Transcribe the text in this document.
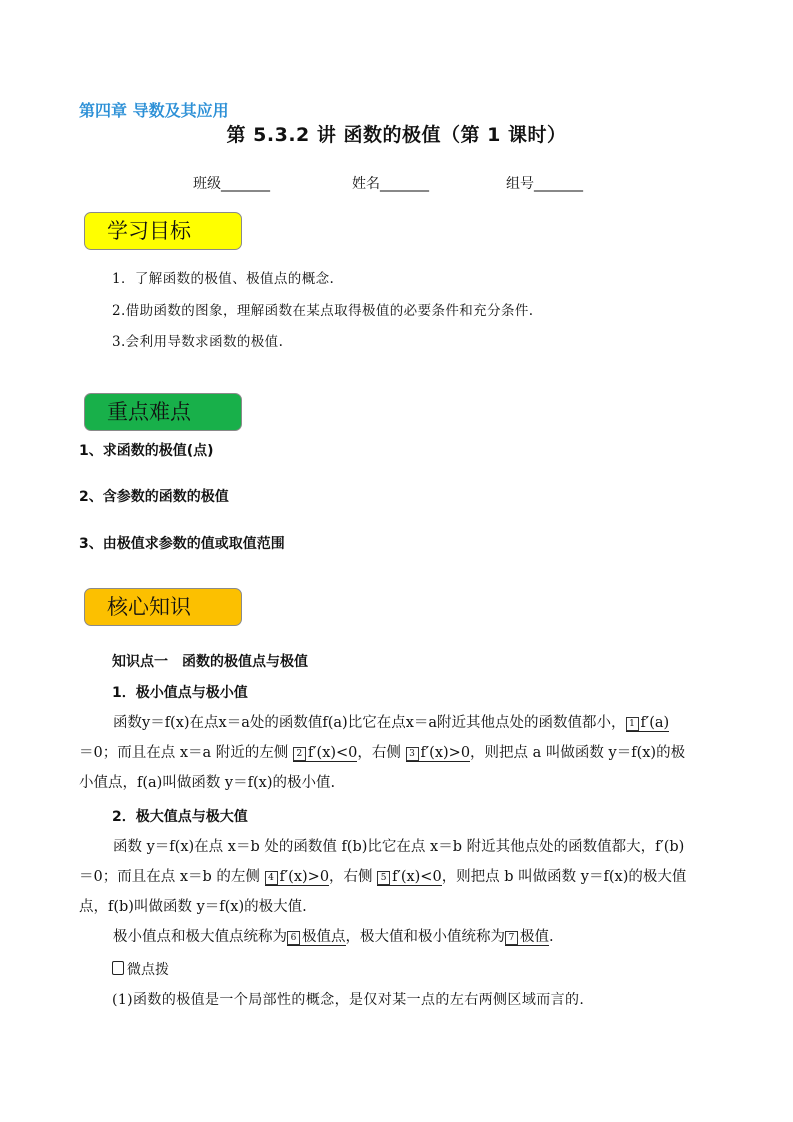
第四章 导数及其应用
第 5.3.2 讲 函数的极值（第 1 课时）
班级_______	姓名_______	组号_______
学习目标
1．了解函数的极值、极值点的概念.
2.借助函数的图象，理解函数在某点取得极值的必要条件和充分条件.
3.会利用导数求函数的极值.
重点难点
1、求函数的极值(点)
2、含参数的函数的极值
3、由极值求参数的值或取值范围
核心知识
知识点一　函数的极值点与极值
1．极小值点与极小值
函数y＝f(x)在点x＝a处的函数值f(a)比它在点x＝a附近其他点处的函数值都小， 1 f′(a)
＝0；而且在点 x＝a 附近的左侧 2 f′(x)<0，右侧 3 f′(x)>0，则把点 a 叫做函数 y＝f(x)的极
小值点，f(a)叫做函数 y＝f(x)的极小值.
2．极大值点与极大值
函数 y＝f(x)在点 x＝b 处的函数值 f(b)比它在点 x＝b 附近其他点处的函数值都大，f′(b)
＝0；而且在点 x＝b 的左侧 4 f′(x)>0，右侧 5 f′(x)<0，则把点 b 叫做函数 y＝f(x)的极大值
点，f(b)叫做函数 y＝f(x)的极大值.
极小值点和极大值点统称为 6 极值点，极大值和极小值统称为 7 极值.
微点拨
(1)函数的极值是一个局部性的概念，是仅对某一点的左右两侧区域而言的.
